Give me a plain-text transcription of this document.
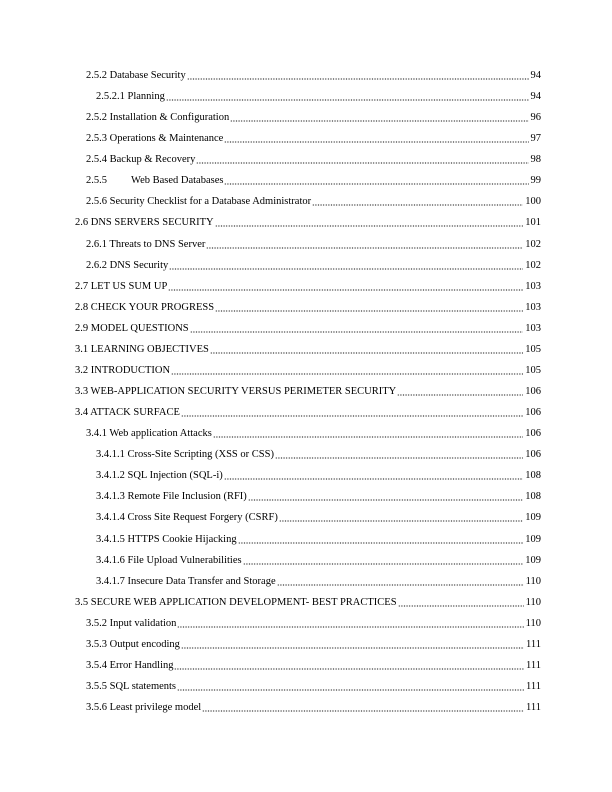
2.5.2 Database Security	94
2.5.2.1 Planning	94
2.5.2 Installation & Configuration	96
2.5.3 Operations & Maintenance	97
2.5.4 Backup & Recovery	98
2.5.5 Web Based Databases	99
2.5.6 Security Checklist for a Database Administrator	100
2.6 DNS SERVERS SECURITY	101
2.6.1 Threats to DNS Server	102
2.6.2 DNS Security	102
2.7 LET US SUM UP	103
2.8 CHECK YOUR PROGRESS	103
2.9 MODEL QUESTIONS	103
3.1 LEARNING OBJECTIVES	105
3.2 INTRODUCTION	105
3.3 WEB-APPLICATION SECURITY VERSUS PERIMETER SECURITY	106
3.4 ATTACK SURFACE	106
3.4.1 Web application Attacks	106
3.4.1.1 Cross-Site Scripting (XSS or CSS)	106
3.4.1.2 SQL Injection (SQL-i)	108
3.4.1.3 Remote File Inclusion (RFI)	108
3.4.1.4 Cross Site Request Forgery (CSRF)	109
3.4.1.5 HTTPS Cookie Hijacking	109
3.4.1.6 File Upload Vulnerabilities	109
3.4.1.7 Insecure Data Transfer and Storage	110
3.5 SECURE WEB APPLICATION DEVELOPMENT- BEST PRACTICES	110
3.5.2 Input validation	110
3.5.3 Output encoding	111
3.5.4 Error Handling	111
3.5.5 SQL statements	111
3.5.6 Least privilege model	111
